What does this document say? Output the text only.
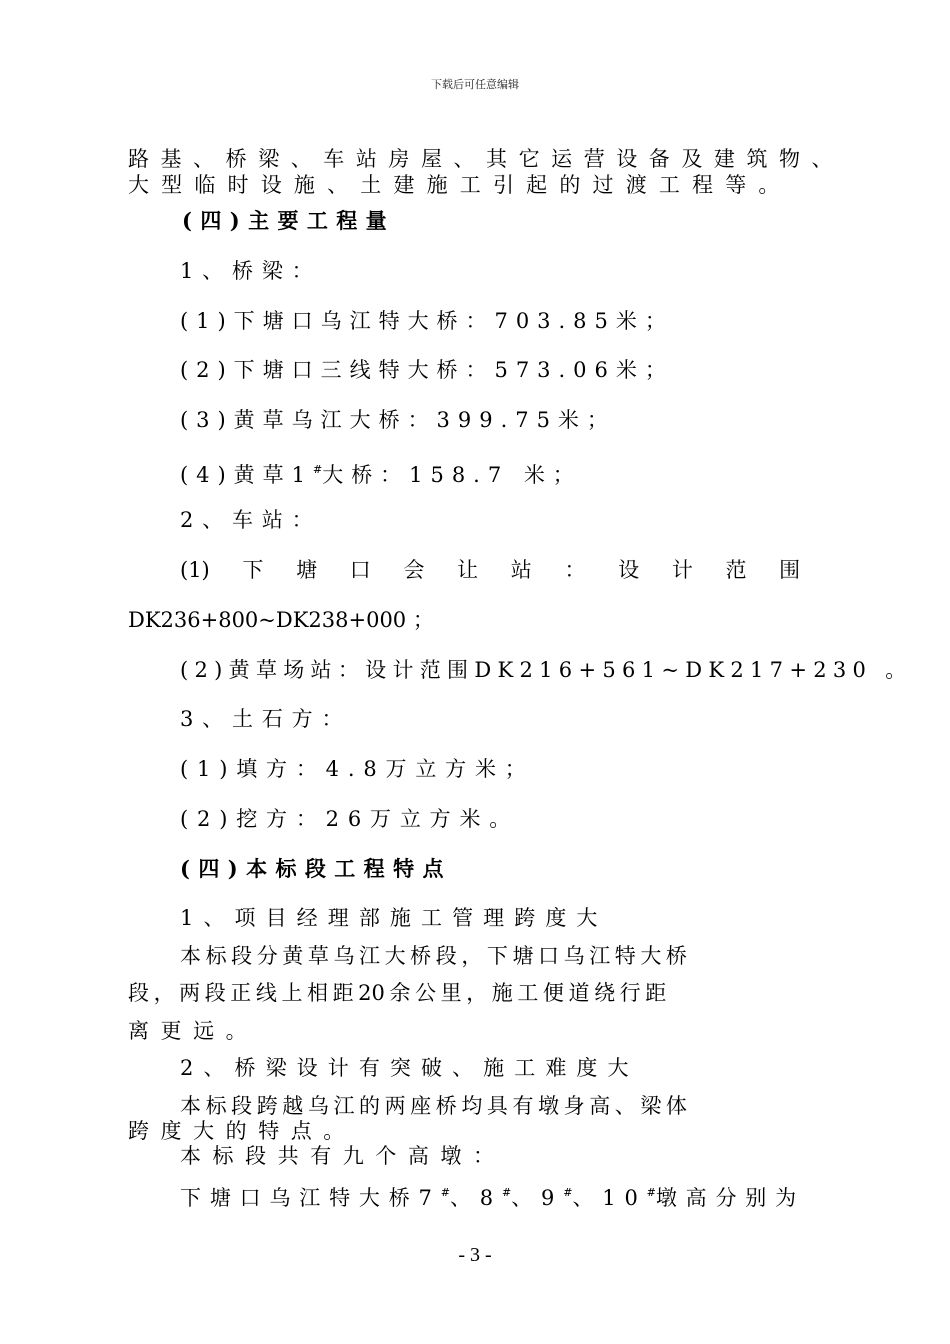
下载后可任意编辑
路基、桥梁、车站房屋、其它运营设备及建筑物、
大型临时设施、土建施工引起的过渡工程等。
(四)主要工程量
1、桥梁：
(1)下塘口乌江特大桥：703.85米；
(2)下塘口三线特大桥：573.06米；
(3)黄草乌江大桥：399.75米；
(4)黄草1#大桥：158.7 米；
2、车站：
(1) 下 塘 口 会 让 站 ： 设 计 范 围
DK236+800~DK238+000 ；
(2)黄草场站：设计范围DK216+561~DK217+230 。
3、土石方：
(1)填方：4.8万立方米；
(2)挖方：26万立方米。
(四)本标段工程特点
1、项目经理部施工管理跨度大
本 标 段 分 黄 草 乌 江 大 桥 段 ， 下 塘 口 乌 江 特 大 桥
段 ， 两 段 正 线 上 相 距 20 余 公 里 ， 施 工 便 道 绕 行 距
离更远。
2、桥梁设计有突破、施工难度大
本 标 段 跨 越 乌 江 的 两 座 桥 均 具 有 墩 身 高 、 梁 体
跨度大的特点。
本标段共有九个高墩：
下塘口乌江特大桥7#、8#、9#、10#墩高分别为
- 3 -
